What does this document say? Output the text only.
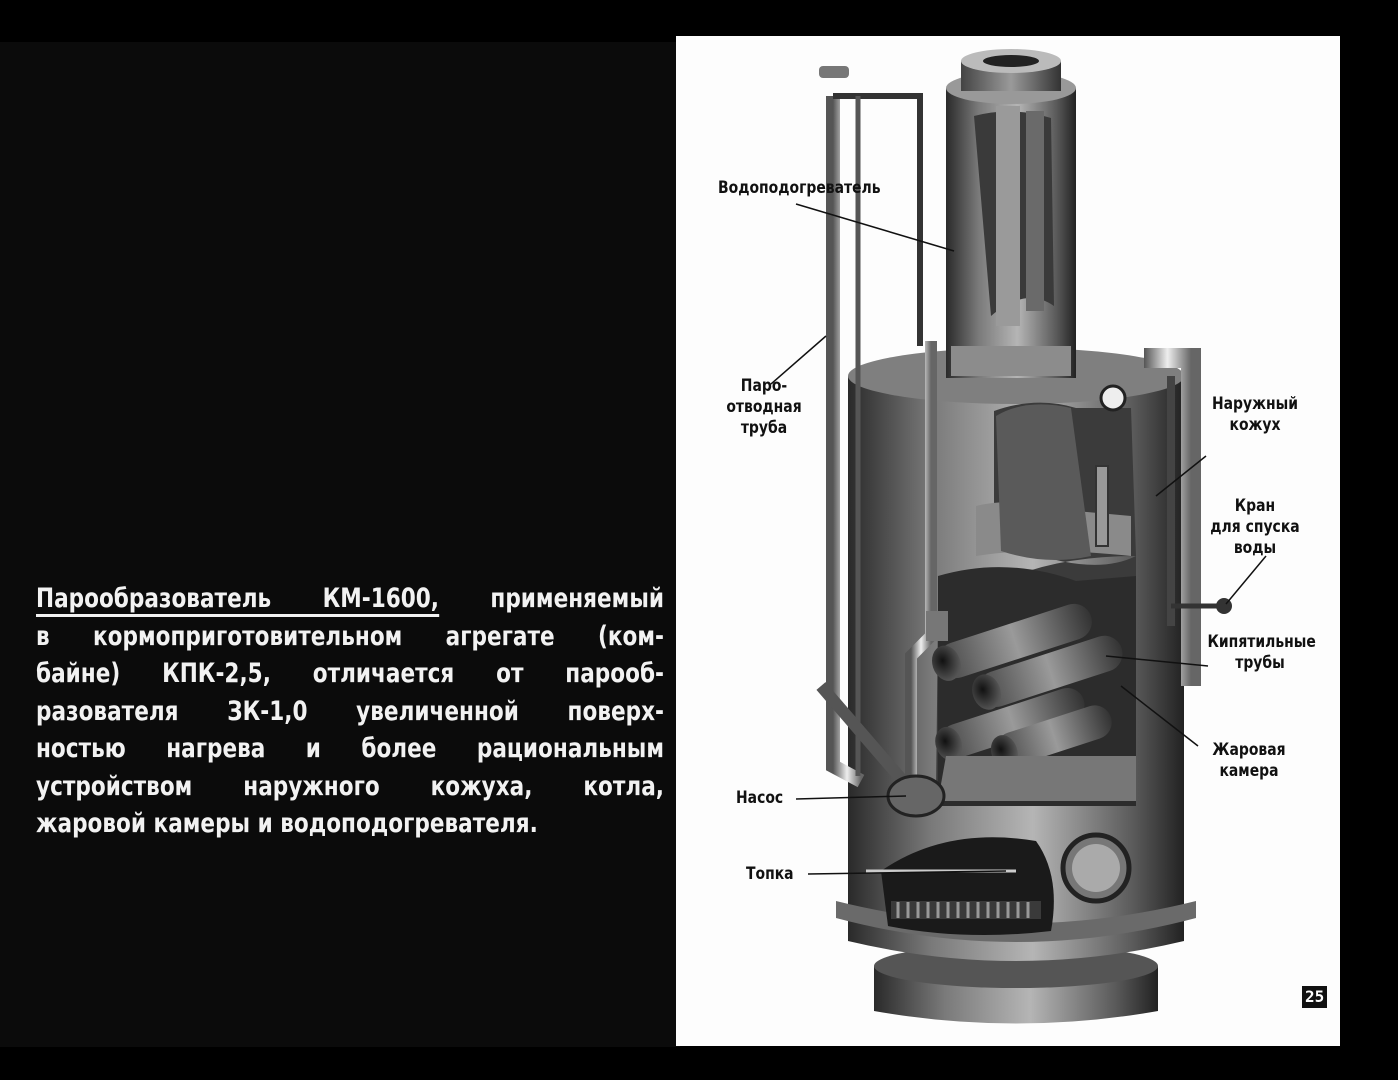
Парообразователь КМ-1600, применяемый
в кормоприготовительном агрегате (ком-
байне) КПК-2,5, отличается от парооб-
разователя ЗК-1,0 увеличенной поверх-
ностью нагрева и более рациональным
устройством наружного кожуха, котла,
жаровой камеры и водоподогревателя.
Водоподогреватель
Паро-
отводная
труба
Наружный
кожух
Кран
для спуска
воды
Кипятильные
трубы
Жаровая
камера
Насос
Топка
25
